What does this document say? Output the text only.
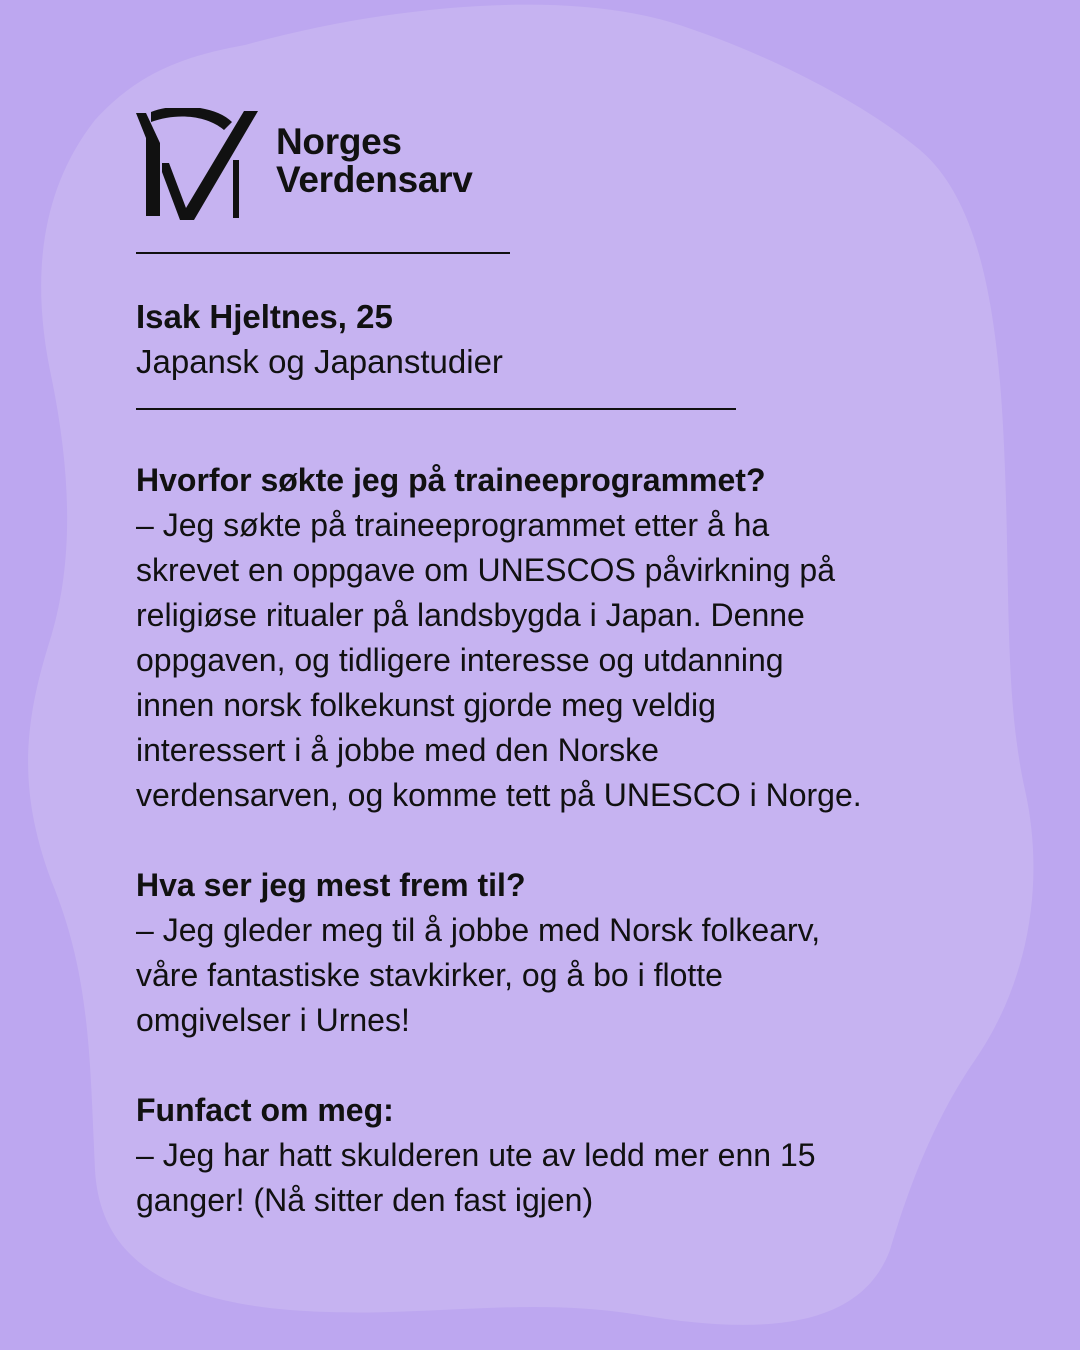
Norges
Verdensarv
Isak Hjeltnes, 25
Japansk og Japanstudier
Hvorfor søkte jeg på traineeprogrammet?
– Jeg søkte på traineeprogrammet etter å ha
skrevet en oppgave om UNESCOS påvirkning på
religiøse ritualer på landsbygda i Japan. Denne
oppgaven, og tidligere interesse og utdanning
innen norsk folkekunst gjorde meg veldig
interessert i å jobbe med den Norske
verdensarven, og komme tett på UNESCO i Norge.
Hva ser jeg mest frem til?
– Jeg gleder meg til å jobbe med Norsk folkearv,
våre fantastiske stavkirker, og å bo i flotte
omgivelser i Urnes!
Funfact om meg:
– Jeg har hatt skulderen ute av ledd mer enn 15
ganger! (Nå sitter den fast igjen)
